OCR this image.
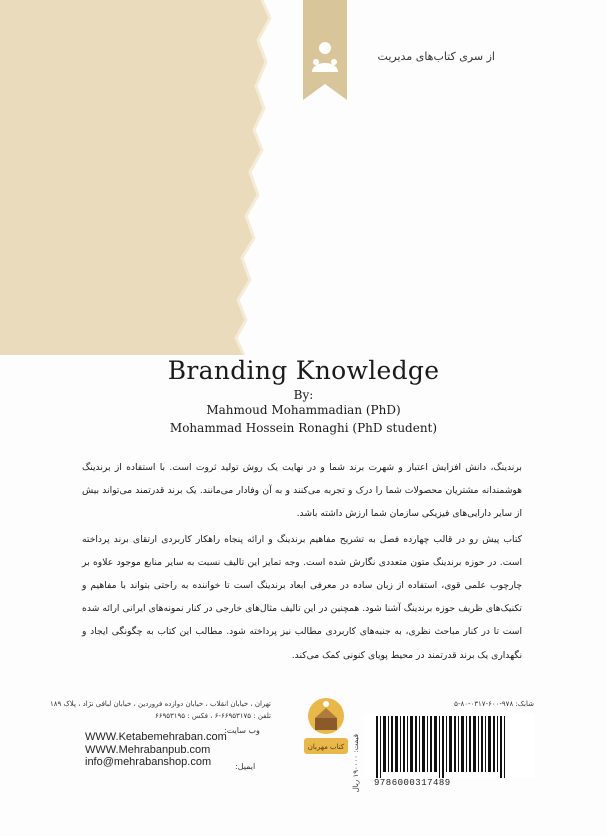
از سری کتاب‌های مدیریت
Branding Knowledge
By:
Mahmoud Mohammadian (PhD)
Mohammad Hossein Ronaghi (PhD student)

برندینگ، دانش افزایش اعتبار و شهرت برند شما و در نهایت یک روش تولید ثروت است. با استفاده از برندینگ هوشمندانه مشتریان محصولات شما را درک و تجربه می‌کنند و به آن وفادار می‌مانند. یک برند قدرتمند می‌تواند بیش از سایر دارایی‌های فیزیکی سازمان شما ارزش داشته باشد.

کتاب پیش رو در قالب چهارده فصل به تشریح مفاهیم برندینگ و ارائه پنجاه راهکار کاربردی ارتقای برند پرداخته است. در حوزه برندینگ متون متعددی نگارش شده است. وجه تمایز این تالیف نسبت به سایر منابع موجود علاوه بر چارچوب علمی قوی، استفاده از زبان ساده در معرفی ابعاد برندینگ است تا خواننده به راحتی بتواند با مفاهیم و تکنیک‌های ظریف حوزه برندینگ آشنا شود. همچنین در این تالیف مثال‌های خارجی در کنار نمونه‌های ایرانی ارائه شده است تا در کنار مباحث نظری، به جنبه‌های کاربردی مطالب نیز پرداخته شود. مطالب این کتاب به چگونگی ایجاد و نگهداری یک برند قدرتمند در محیط پویای کنونی کمک می‌کند.

تهران ، خیابان انقلاب ، خیابان دوازده فروردین ، خیابان لبافی نژاد ، پلاک ۱۸۹
تلفن : ۶۶۹۵۳۱۷۵-۶ ، فکس : ۶۶۹۵۳۱۹۵
وب سایت:
ایمیل:
WWW.Ketabemehraban.com
WWW.Mehrabanpub.com
info@mehrabanshop.com
کتاب مهربان
شابک: ۹۷۸-۶۰۰-۰۳۱۷-۸۰-۵
قیمت: ۱۹۰۰۰۰ ریال
9786000317489
